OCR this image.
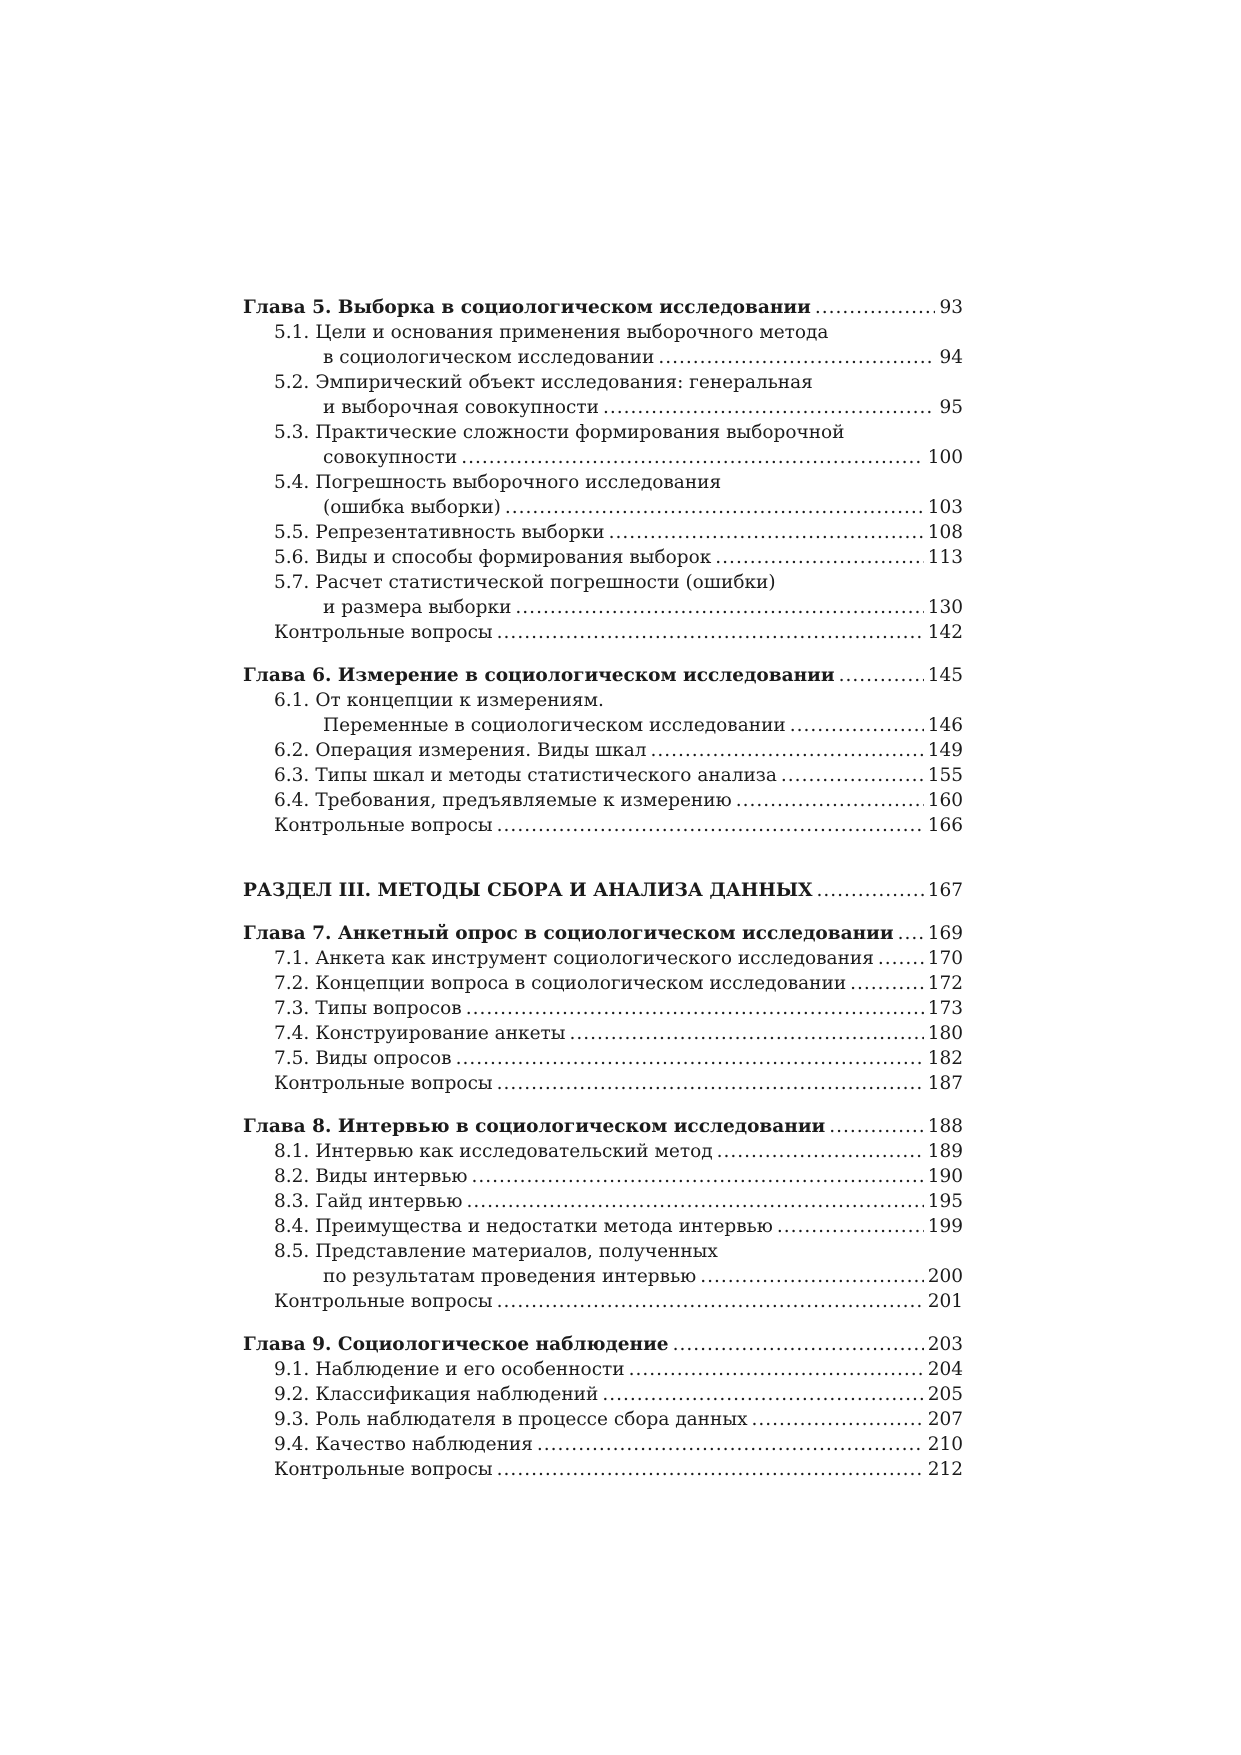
Глава 5. Выборка в социологическом исследовании .....	93
5.1. Цели и основания применения выборочного метода
в социологическом исследовании .....	94
5.2. Эмпирический объект исследования: генеральная
и выборочная совокупности .....	95
5.3. Практические сложности формирования выборочной
совокупности .....	100
5.4. Погрешность выборочного исследования
(ошибка выборки) .....	103
5.5. Репрезентативность выборки .....	108
5.6. Виды и способы формирования выборок .....	113
5.7. Расчет статистической погрешности (ошибки)
и размера выборки .....	130
Контрольные вопросы .....	142
Глава 6. Измерение в социологическом исследовании .....	145
6.1. От концепции к измерениям.
Переменные в социологическом исследовании .....	146
6.2. Операция измерения. Виды шкал .....	149
6.3. Типы шкал и методы статистического анализа .....	155
6.4. Требования, предъявляемые к измерению .....	160
Контрольные вопросы .....	166
РАЗДЕЛ III. МЕТОДЫ СБОРА И АНАЛИЗА ДАННЫХ .....	167
Глава 7. Анкетный опрос в социологическом исследовании ..... 169
7.1. Анкета как инструмент социологического исследования .....	170
7.2. Концепции вопроса в социологическом исследовании .....	172
7.3. Типы вопросов .....	173
7.4. Конструирование анкеты .....	180
7.5. Виды опросов .....	182
Контрольные вопросы .....	187
Глава 8. Интервью в социологическом исследовании .....	188
8.1. Интервью как исследовательский метод .....	189
8.2. Виды интервью .....	190
8.3. Гайд интервью .....	195
8.4. Преимущества и недостатки метода интервью .....	199
8.5. Представление материалов, полученных
по результатам проведения интервью .....	200
Контрольные вопросы .....	201
Глава 9. Социологическое наблюдение .....	203
9.1. Наблюдение и его особенности .....	204
9.2. Классификация наблюдений .....	205
9.3. Роль наблюдателя в процессе сбора данных .....	207
9.4. Качество наблюдения .....	210
Контрольные вопросы .....	212
